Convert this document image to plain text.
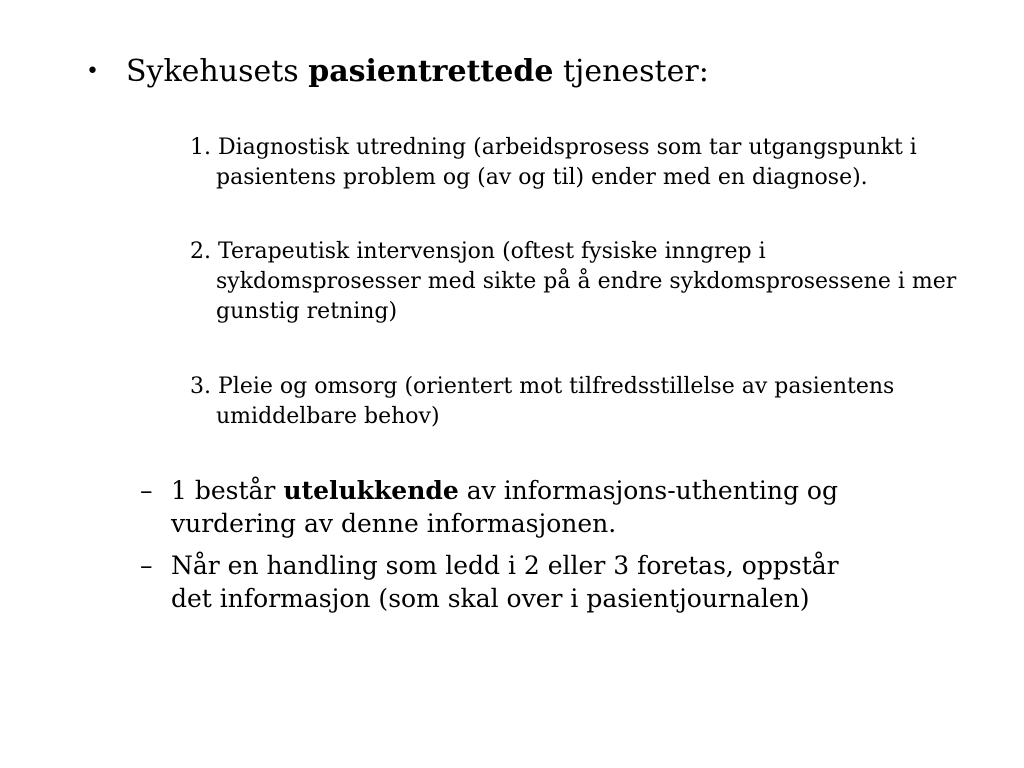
• Sykehusets pasientrettede tjenester:
1. Diagnostisk utredning (arbeidsprosess som tar utgangspunkt i pasientens problem og (av og til) ender med en diagnose).
2. Terapeutisk intervensjon (oftest fysiske inngrep i sykdomsprosesser med sikte på å endre sykdomsprosessene i mer gunstig retning)
3. Pleie og omsorg (orientert mot tilfredsstillelse av pasientens umiddelbare behov)
– 1 består utelukkende av informasjons-uthenting og vurdering av denne informasjonen.
– Når en handling som ledd i 2 eller 3 foretas, oppstår det informasjon (som skal over i pasientjournalen)
